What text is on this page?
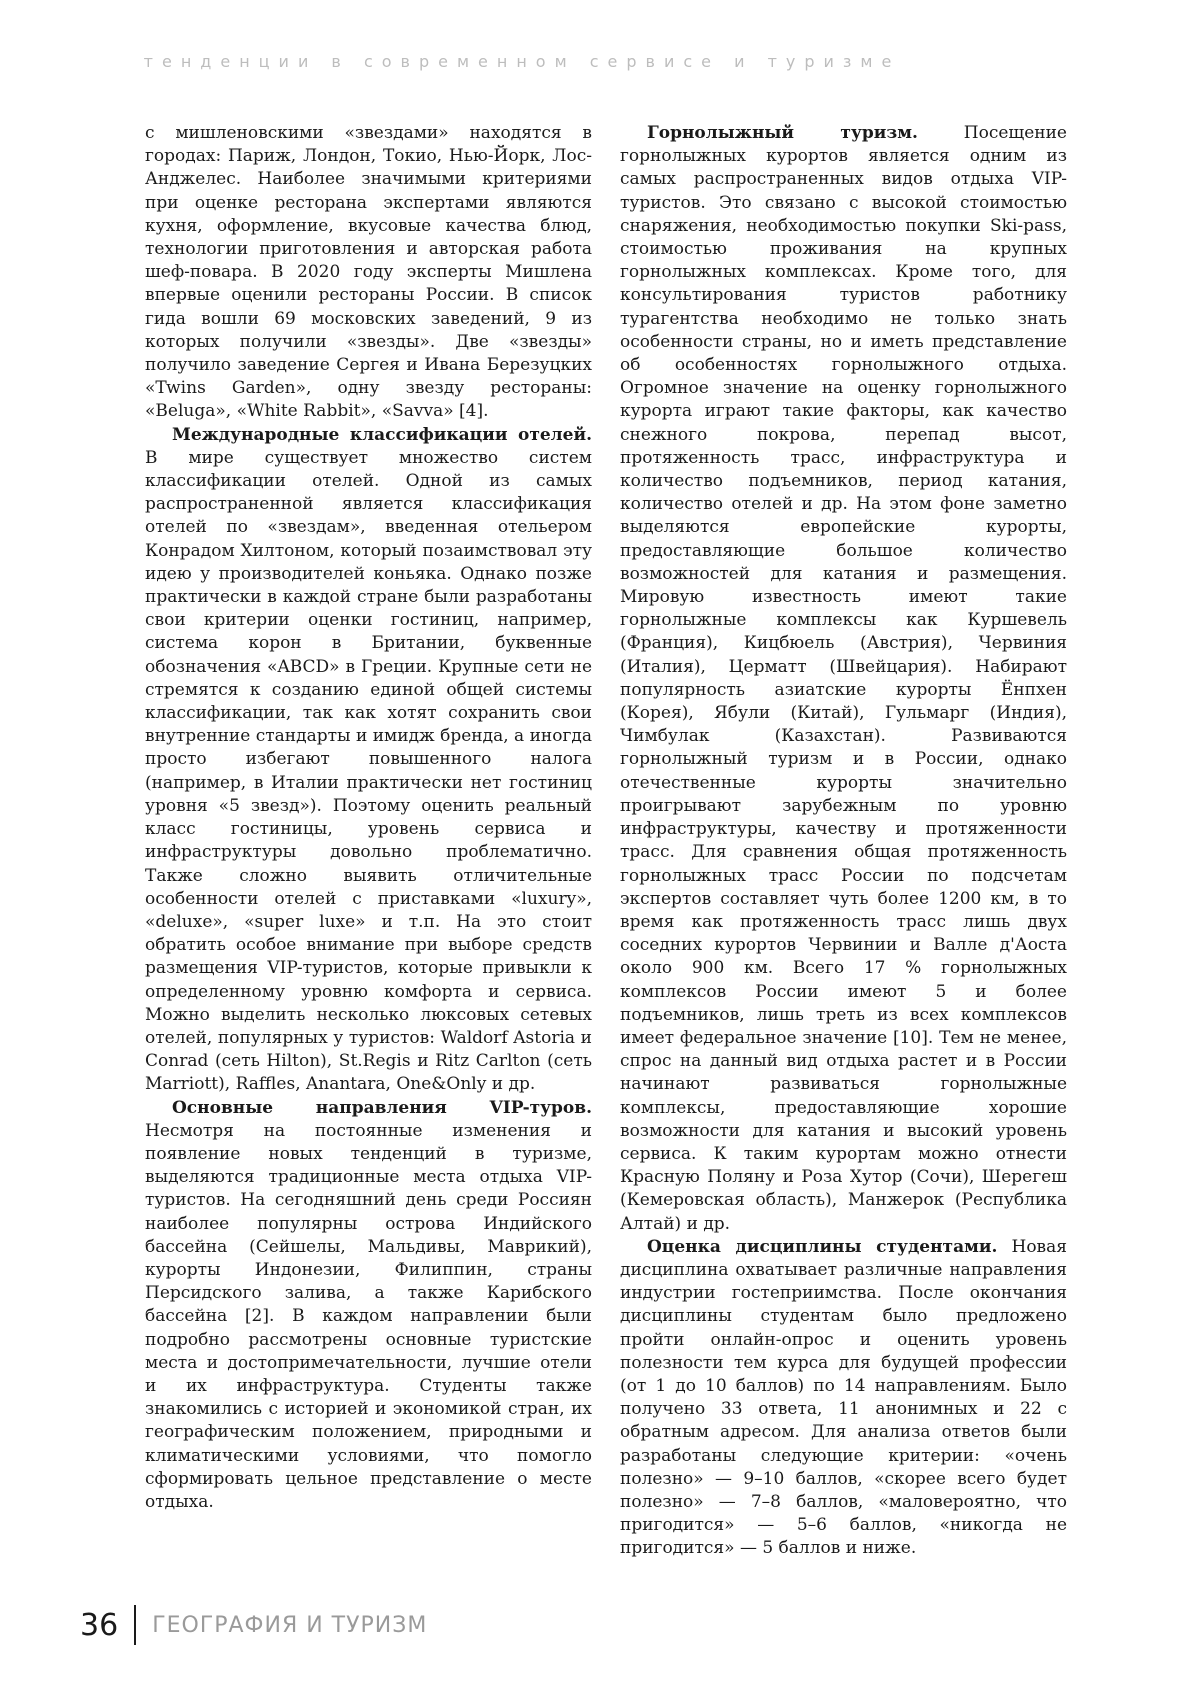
тенденции в современном сервисе и туризме

с мишленовскими «звездами» находятся в городах: Париж, Лондон, Токио, Нью-Йорк, Лос-Анджелес. Наиболее значимыми критериями при оценке ресторана экспертами являются кухня, оформление, вкусовые качества блюд, технологии приготовления и авторская работа шеф-повара. В 2020 году эксперты Мишлена впервые оценили рестораны России. В список гида вошли 69 московских заведений, 9 из которых получили «звезды». Две «звезды» получило заведение Сергея и Ивана Березуцких «Twins Garden», одну звезду рестораны: «Beluga», «White Rabbit», «Savva» [4].

Международные классификации отелей. В мире существует множество систем классификации отелей. Одной из самых распространенной является классификация отелей по «звездам», введенная отельером Конрадом Хилтоном, который позаимствовал эту идею у производителей коньяка. Однако позже практически в каждой стране были разработаны свои критерии оценки гостиниц, например, система корон в Британии, буквенные обозначения «ABCD» в Греции. Крупные сети не стремятся к созданию единой общей системы классификации, так как хотят сохранить свои внутренние стандарты и имидж бренда, а иногда просто избегают повышенного налога (например, в Италии практически нет гостиниц уровня «5 звезд»). Поэтому оценить реальный класс гостиницы, уровень сервиса и инфраструктуры довольно проблематично. Также сложно выявить отличительные особенности отелей с приставками «luxury», «deluxe», «super luxe» и т.п. На это стоит обратить особое внимание при выборе средств размещения VIP-туристов, которые привыкли к определенному уровню комфорта и сервиса. Можно выделить несколько люксовых сетевых отелей, популярных у туристов: Waldorf Astoria и Conrad (сеть Hilton), St.Regis и Ritz Carlton (сеть Marriott), Raffles, Anantara, One&Only и др.

Основные направления VIP-туров. Несмотря на постоянные изменения и появление новых тенденций в туризме, выделяются традиционные места отдыха VIP-туристов. На сегодняшний день среди Россиян наиболее популярны острова Индийского бассейна (Сейшелы, Мальдивы, Маврикий), курорты Индонезии, Филиппин, страны Персидского залива, а также Карибского бассейна [2]. В каждом направлении были подробно рассмотрены основные туристские места и достопримечательности, лучшие отели и их инфраструктура. Студенты также знакомились с историей и экономикой стран, их географическим положением, природными и климатическими условиями, что помогло сформировать цельное представление о месте отдыха.

Горнолыжный туризм.	Посещение горнолыжных курортов является одним из самых распространенных видов отдыха VIP-туристов. Это связано с высокой стоимостью снаряжения, необходимостью покупки Ski-pass, стоимостью проживания на крупных горнолыжных комплексах. Кроме того, для консультирования туристов работнику турагентства необходимо не только знать особенности страны, но и иметь представление об особенностях горнолыжного отдыха. Огромное значение на оценку горнолыжного курорта играют такие факторы, как качество снежного покрова, перепад высот, протяженность трасс, инфраструктура и количество подъемников, период катания, количество отелей и др. На этом фоне заметно выделяются европейские курорты, предоставляющие большое количество возможностей для катания и размещения. Мировую известность имеют такие горнолыжные комплексы как Куршевель (Франция), Кицбюель (Австрия), Червиния (Италия), Церматт (Швейцария). Набирают популярность азиатские курорты Ёнпхен (Корея), Ябули (Китай), Гульмарг (Индия), Чимбулак (Казахстан). Развиваются горнолыжный туризм и в России, однако отечественные курорты значительно проигрывают зарубежным по уровню инфраструктуры, качеству и протяженности трасс. Для сравнения общая протяженность горнолыжных трасс России по подсчетам экспертов составляет чуть более 1200 км, в то время как протяженность трасс лишь двух соседних курортов Червинии и Валле д'Аоста около 900 км. Всего 17 % горнолыжных комплексов России имеют 5 и более подъемников, лишь треть из всех комплексов имеет федеральное значение [10]. Тем не менее, спрос на данный вид отдыха растет и в России начинают развиваться горнолыжные комплексы, предоставляющие хорошие возможности для катания и высокий уровень сервиса. К таким курортам можно отнести Красную Поляну и Роза Хутор (Сочи), Шерегеш (Кемеровская область), Манжерок (Республика Алтай) и др.

Оценка дисциплины студентами. Новая дисциплина охватывает различные направления индустрии гостеприимства. После окончания дисциплины студентам было предложено пройти онлайн-опрос и оценить уровень полезности тем курса для будущей профессии (от 1 до 10 баллов) по 14 направлениям. Было получено 33 ответа, 11 анонимных и 22 с обратным адресом. Для анализа ответов были разработаны следующие критерии: «очень полезно» — 9–10 баллов, «скорее всего будет полезно» — 7–8 баллов, «маловероятно, что пригодится» — 5–6 баллов, «никогда не пригодится» — 5 баллов и ниже.

36 ГЕОГРАФИЯ И ТУРИЗМ
